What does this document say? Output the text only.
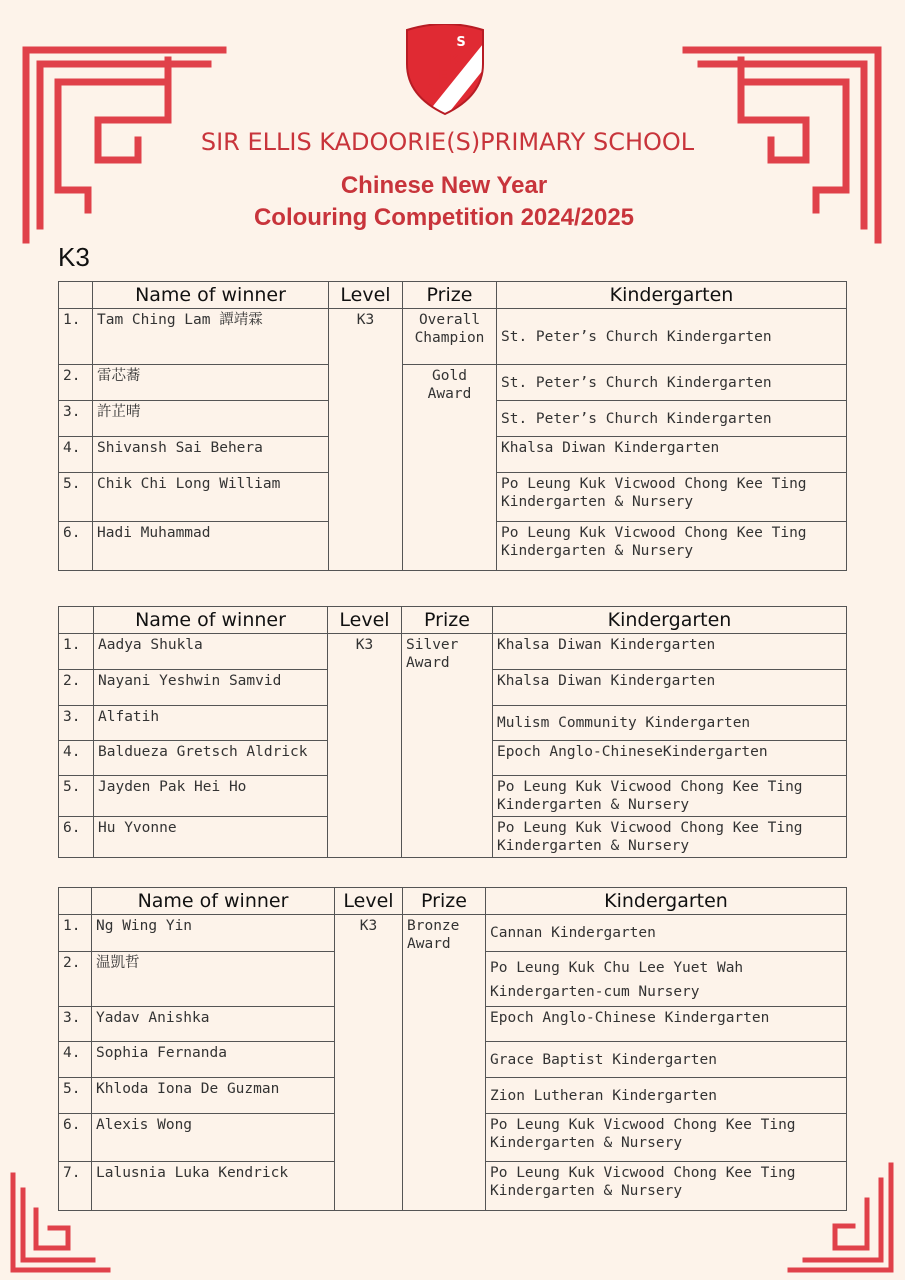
S
K
E
S
SIR ELLIS KADOORIE(S)PRIMARY SCHOOL
Chinese New Year
Colouring Competition 2024/2025
K3
	Name of winner	Level	Prize	Kindergarten
1.	Tam Ching Lam 譚靖霖	K3	Overall Champion	St. Peter’s Church Kindergarten
2.	雷芯蕎		Gold Award	St. Peter’s Church Kindergarten
3.	許芷晴			St. Peter’s Church Kindergarten
4.	Shivansh Sai Behera			Khalsa Diwan Kindergarten
5.	Chik Chi Long William			Po Leung Kuk Vicwood Chong Kee Ting Kindergarten & Nursery
6.	Hadi Muhammad			Po Leung Kuk Vicwood Chong Kee Ting Kindergarten & Nursery
	Name of winner	Level	Prize	Kindergarten
1.	Aadya Shukla	K3	Silver Award	Khalsa Diwan Kindergarten
2.	Nayani Yeshwin Samvid			Khalsa Diwan Kindergarten
3.	Alfatih			Mulism Community Kindergarten
4.	Baldueza Gretsch Aldrick			Epoch Anglo-ChineseKindergarten
5.	Jayden Pak Hei Ho			Po Leung Kuk Vicwood Chong Kee Ting Kindergarten & Nursery
6.	Hu Yvonne			Po Leung Kuk Vicwood Chong Kee Ting Kindergarten & Nursery
	Name of winner	Level	Prize	Kindergarten
1.	Ng Wing Yin	K3	Bronze Award	Cannan Kindergarten
2.	温凱哲			Po Leung Kuk Chu Lee Yuet Wah Kindergarten-cum Nursery
3.	Yadav Anishka			Epoch Anglo-Chinese Kindergarten
4.	Sophia Fernanda			Grace Baptist Kindergarten
5.	Khloda Iona De Guzman			Zion Lutheran Kindergarten
6.	Alexis Wong			Po Leung Kuk Vicwood Chong Kee Ting Kindergarten & Nursery
7.	Lalusnia Luka Kendrick			Po Leung Kuk Vicwood Chong Kee Ting Kindergarten & Nursery
